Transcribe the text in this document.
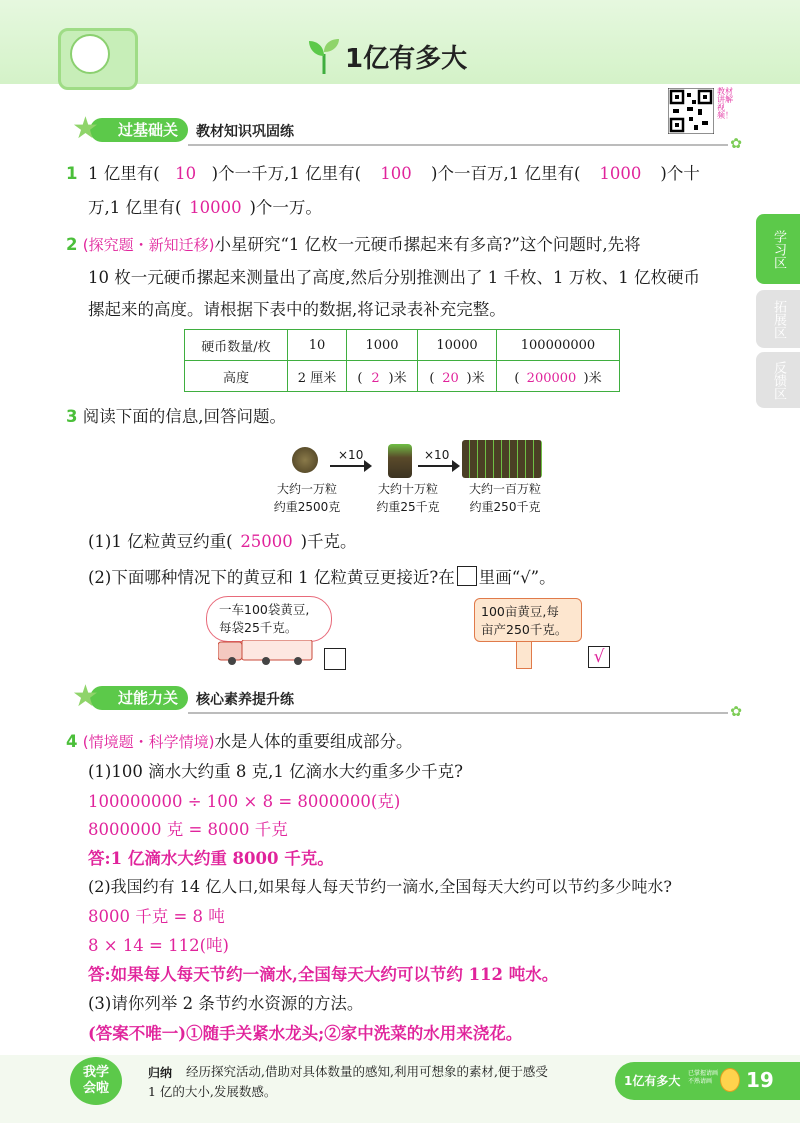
1亿有多大
教材讲解视频！
过基础关
★	教材知识巩固练
✿
1 1 亿里有( 10 )个一千万,1 亿里有( 100 )个一百万,1 亿里有( 1000 )个十
万,1 亿里有( 10000 )个一万。
2 (探究题・新知迁移)小星研究“1 亿枚一元硬币摞起来有多高?”这个问题时,先将
10 枚一元硬币摞起来测量出了高度,然后分别推测出了 1 千枚、1 万枚、1 亿枚硬币
摞起来的高度。请根据下表中的数据,将记录表补充完整。
硬币数量/枚	10	1000	10000	100000000
高度	2 厘米	( 2 )米	( 20 )米	( 200000 )米
3 阅读下面的信息,回答问题。
×10	×10
大约一万粒
约重2500克
大约十万粒
约重25千克
大约一百万粒
约重250千克
(1)1 亿粒黄豆约重( 25000 )千克。
(2)下面哪种情况下的黄豆和 1 亿粒黄豆更接近?在 里画“√”。
一车100袋黄豆,
每袋25千克。
100亩黄豆,每
亩产250千克。
√
过能力关
★	核心素养提升练
✿
4 (情境题・科学情境)水是人体的重要组成部分。
(1)100 滴水大约重 8 克,1 亿滴水大约重多少千克?
100000000 ÷ 100 × 8 = 8000000(克)
8000000 克 = 8000 千克
答:1 亿滴水大约重 8000 千克。
(2)我国约有 14 亿人口,如果每人每天节约一滴水,全国每天大约可以节约多少吨水?
8000 千克 = 8 吨
8 × 14 = 112(吨)
答:如果每人每天节约一滴水,全国每天大约可以节约 112 吨水。
(3)请你列举 2 条节约水资源的方法。
(答案不唯一)①随手关紧水龙头;②家中洗菜的水用来浇花。
学习区
拓展区
反馈区
我学
会啦
归纳	经历探究活动,借助对具体数量的感知,利用可想象的素材,便于感受
1 亿的大小,发展数感。
1亿有多大
已掌握请画 不熟请画	19
